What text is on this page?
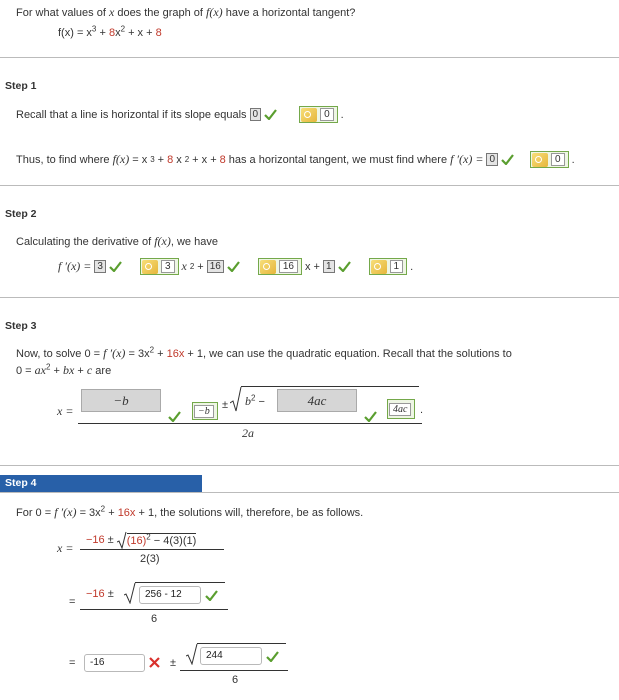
For what values of x does the graph of f(x) have a horizontal tangent?
$f(x) = x^3 + 8x^2 + x + 8$
Step 1
Recall that a line is horizontal if its slope equals 0	0	.
Thus, to find where f(x) = x 3 + 8 x 2 + x + 8 has a horizontal tangent, we must find where f ′(x) = 0	0	.
Step 2
Calculating the derivative of f(x), we have
f ′(x) = 3	3 x 2 + 16	16	x + 1	1	.
Step 3
Now, to solve 0 = f $'(x) = 3x^2 + 16x + 1$, we can use the quadratic equation. Recall that the solutions to
$0 = ax^2$ + bx + c are
x =
−b
−b	± $b^2$ −	4ac
4ac	.
2a
Step 4
For 0 = f $'(x) = 3x^2 + 16x + 1$, the solutions will, therefore, be as follows.
x =
$-16 \pm (16)^2 - 4(3)(1)$
2(3)
=
−16 ±	256 - 12
6
=	-16	±
244
6
